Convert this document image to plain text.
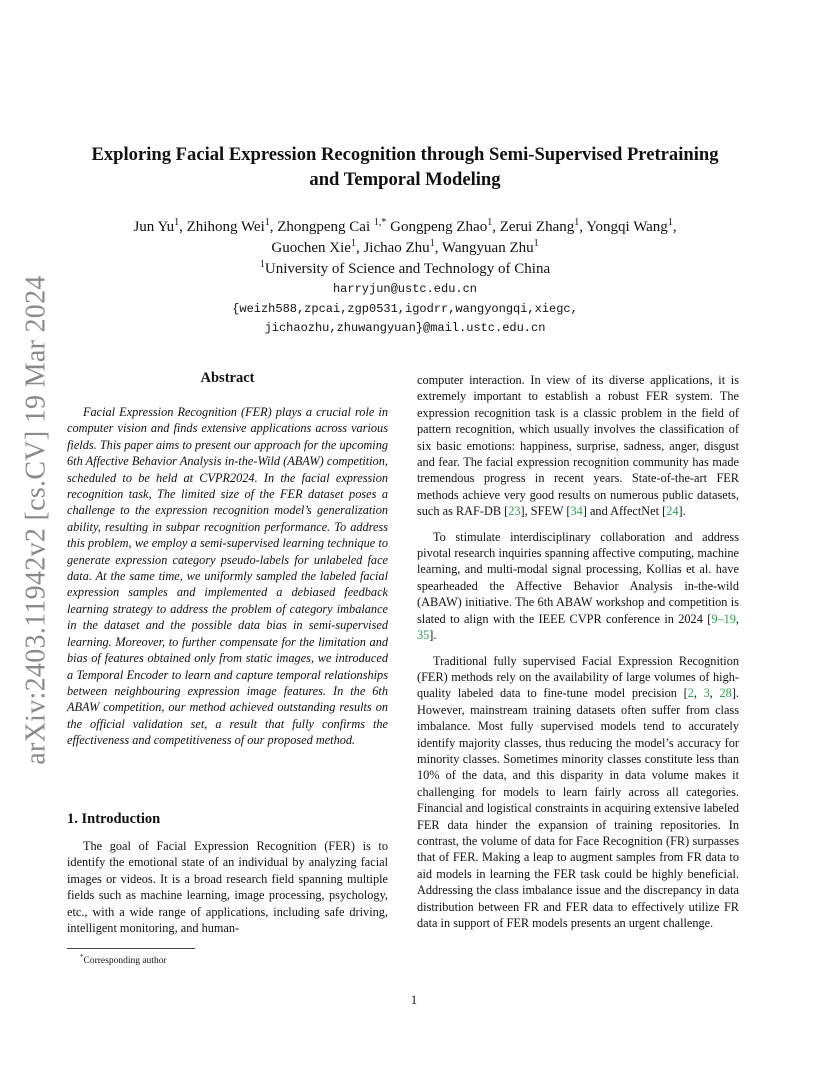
arXiv:2403.11942v2 [cs.CV] 19 Mar 2024
Exploring Facial Expression Recognition through Semi-Supervised Pretraining
and Temporal Modeling
Jun Yu$^1$, Zhihong Wei$^1$, Zhongpeng Cai $^{1,*}$ Gongpeng Zhao$^1$, Zerui Zhang$^1$, Yongqi Wang$^1$,
Guochen Xie$^1$, Jichao Zhu$^1$, Wangyuan Zhu$^1$
$^1$University of Science and Technology of China
harryjun@ustc.edu.cn
{weizh588,zpcai,zgp0531,igodrr,wangyongqi,xiegc,
jichaozhu,zhuwangyuan}@mail.ustc.edu.cn
Abstract

Facial Expression Recognition (FER) plays a crucial role in computer vision and finds extensive applications across various fields. This paper aims to present our approach for the upcoming 6th Affective Behavior Analysis in-the-Wild (ABAW) competition, scheduled to be held at CVPR2024. In the facial expression recognition task, The limited size of the FER dataset poses a challenge to the expression recognition model’s generalization ability, resulting in subpar recognition performance. To address this problem, we employ a semi-supervised learning technique to generate expression category pseudo-labels for unlabeled face data. At the same time, we uniformly sampled the labeled facial expression samples and implemented a debiased feedback learning strategy to address the problem of category imbalance in the dataset and the possible data bias in semi-supervised learning. Moreover, to further compensate for the limitation and bias of features obtained only from static images, we introduced a Temporal Encoder to learn and capture temporal relationships between neighbouring expression image features. In the 6th ABAW competition, our method achieved outstanding results on the official validation set, a result that fully confirms the effectiveness and competitiveness of our proposed method.

1. Introduction

The goal of Facial Expression Recognition (FER) is to identify the emotional state of an individual by analyzing facial images or videos. It is a broad research field spanning multiple fields such as machine learning, image processing, psychology, etc., with a wide range of applications, including safe driving, intelligent monitoring, and human-

computer interaction. In view of its diverse applications, it is extremely important to establish a robust FER system. The expression recognition task is a classic problem in the field of pattern recognition, which usually involves the classification of six basic emotions: happiness, surprise, sadness, anger, disgust and fear. The facial expression recognition community has made tremendous progress in recent years. State-of-the-art FER methods achieve very good results on numerous public datasets, such as RAF-DB [23], SFEW [34] and AffectNet [24].

To stimulate interdisciplinary collaboration and address pivotal research inquiries spanning affective computing, machine learning, and multi-modal signal processing, Kollias et al. have spearheaded the Affective Behavior Analysis in-the-wild (ABAW) initiative. The 6th ABAW workshop and competition is slated to align with the IEEE CVPR conference in 2024 [9–19, 35].

Traditional fully supervised Facial Expression Recognition (FER) methods rely on the availability of large volumes of high-quality labeled data to fine-tune model precision [2, 3, 28]. However, mainstream training datasets often suffer from class imbalance. Most fully supervised models tend to accurately identify majority classes, thus reducing the model’s accuracy for minority classes. Sometimes minority classes constitute less than 10% of the data, and this disparity in data volume makes it challenging for models to learn fairly across all categories. Financial and logistical constraints in acquiring extensive labeled FER data hinder the expansion of training repositories. In contrast, the volume of data for Face Recognition (FR) surpasses that of FER. Making a leap to augment samples from FR data to aid models in learning the FER task could be highly beneficial. Addressing the class imbalance issue and the discrepancy in data distribution between FR and FER data to effectively utilize FR data in support of FER models presents an urgent challenge.

*Corresponding author
1
